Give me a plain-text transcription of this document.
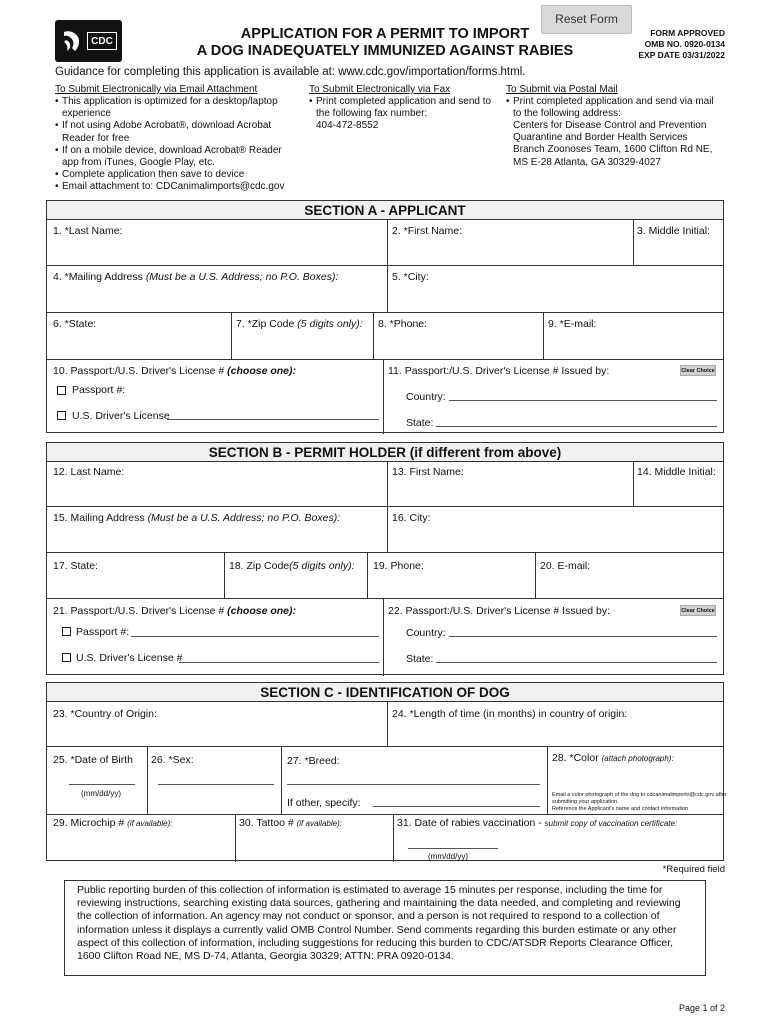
CDC	APPLICATION FOR A PERMIT TO IMPORT
A DOG INADEQUATELY IMMUNIZED AGAINST RABIES
Reset Form
FORM APPROVED
OMB NO. 0920-0134
EXP DATE 03/31/2022
Guidance for completing this application is available at: www.cdc.gov/importation/forms.html.
To Submit Electronically via Email Attachment
• This application is optimized for a desktop/laptop experience
• If not using Adobe Acrobat®, download Acrobat Reader for free
• If on a mobile device, download Acrobat® Reader app from iTunes, Google Play, etc.
• Complete application then save to device
• Email attachment to: CDCanimalimports@cdc.gov
To Submit Electronically via Fax
• Print completed application and send to the following fax number:
404-472-8552
To Submit via Postal Mail
• Print completed application and send via mail to the following address:
Centers for Disease Control and Prevention
Quarantine and Border Health Services
Branch Zoonoses Team, 1600 Clifton Rd NE,
MS E-28 Atlanta, GA 30329-4027
SECTION A - APPLICANT
1. *Last Name:	2. *First Name:	3. Middle Initial:
4. *Mailing Address (Must be a U.S. Address; no P.O. Boxes):	5. *City:
6. *State:	7. *Zip Code (5 digits only): 8. *Phone:	9. *E-mail:
10. Passport:/U.S. Driver's License # (choose one):
Passport #:
U.S. Driver's License
11. Passport:/U.S. Driver's License # Issued by:	Clear Choice
Country:
State:
SECTION B - PERMIT HOLDER (if different from above)
12. Last Name:	13. First Name:	14. Middle Initial:
15. Mailing Address (Must be a U.S. Address; no P.O. Boxes):	16. City:
17. State:	18. Zip Code(5 digits only): 19. Phone:	20. E-mail:
21. Passport:/U.S. Driver's License # (choose one):
Passport #:
U.S. Driver's License #
22. Passport:/U.S. Driver's License # Issued by:	Clear Choice
Country:
State:
SECTION C - IDENTIFICATION OF DOG
23. *Country of Origin:	24. *Length of time (in months) in country of origin:
25. *Date of Birth
(mm/dd/yy)
26. *Sex:	27. *Breed:
If other, specify:
28. *Color (attach photograph):
Email a color photograph of the dog to cdcanimalimports@cdc.gov after
submitting your application.
Reference the Applicant's name and contact information
29. Microchip # (if available):	30. Tattoo # (if available):	31. Date of rabies vaccination - submit copy of vaccination certificate:
(mm/dd/yy)
*Required field
Public reporting burden of this collection of information is estimated to average 15 minutes per response, including the time for reviewing instructions, searching existing data sources, gathering and maintaining the data needed, and completing and reviewing the collection of information. An agency may not conduct or sponsor, and a person is not required to respond to a collection of information unless it displays a currently valid OMB Control Number. Send comments regarding this burden estimate or any other aspect of this collection of information, including suggestions for reducing this burden to CDC/ATSDR Reports Clearance Officer, 1600 Clifton Road NE, MS D-74, Atlanta, Georgia 30329; ATTN: PRA 0920-0134.
Page 1 of 2
